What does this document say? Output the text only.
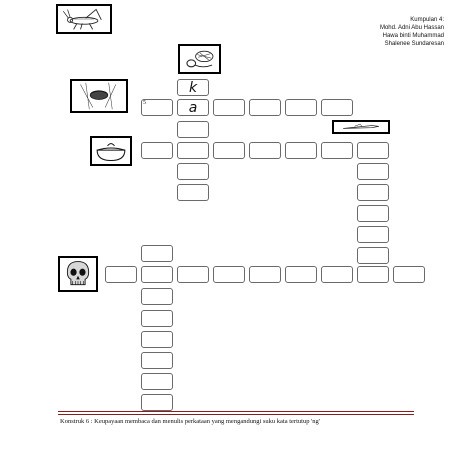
Kumpulan 4:
Mohd. Adni Abu Hassan
Hawa binti Muhammad
Shalenee Sundaresan
k
a
5
Konstruk 6 : Keupayaan membaca dan menulis perkataan yang mengandungi suku kata tertutup 'ng'
